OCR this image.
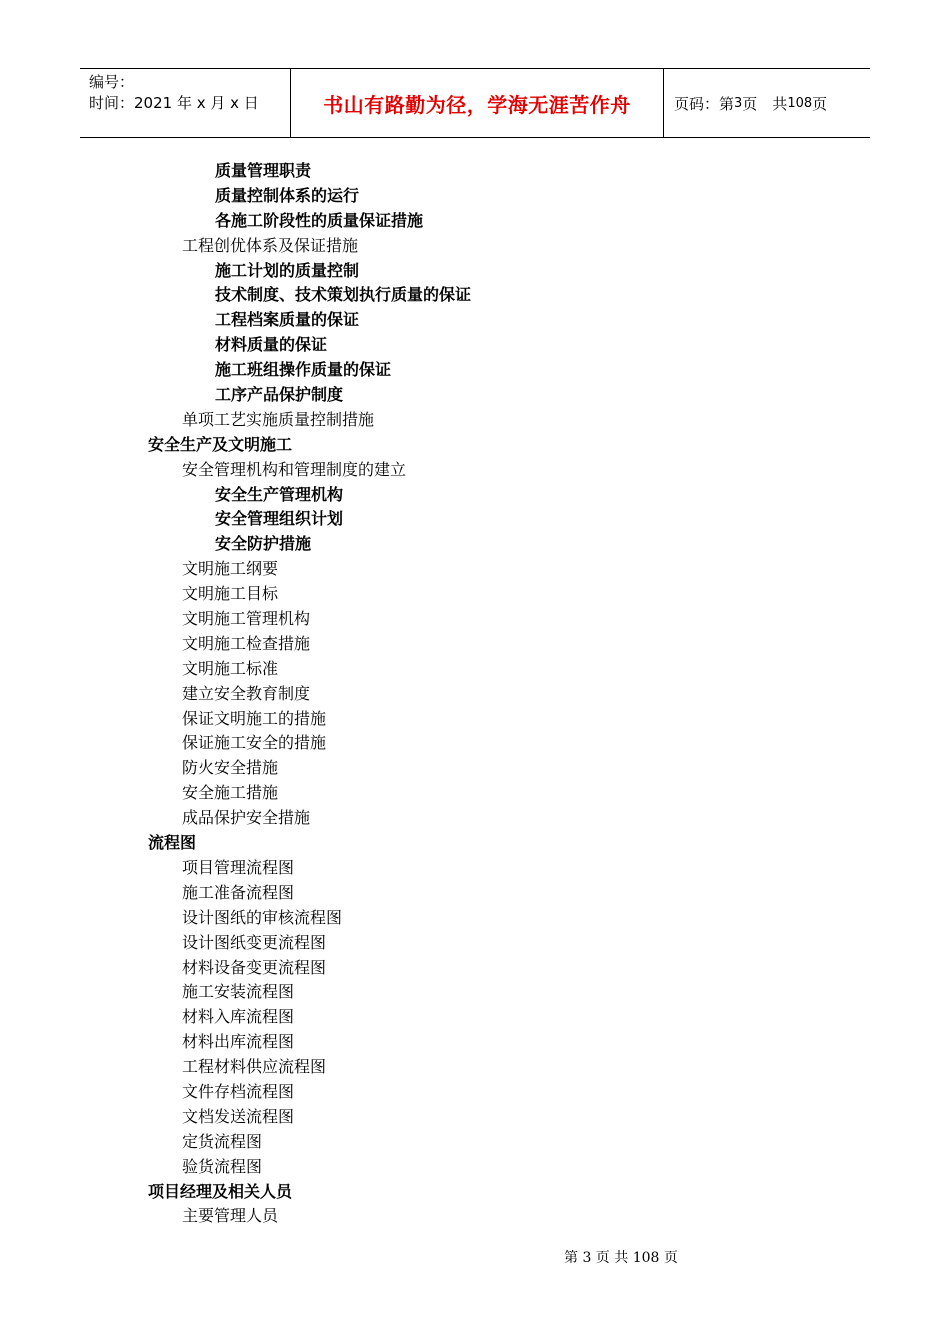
编号：
时间：2021 年 x 月 x 日	书山有路勤为径，学海无涯苦作舟	页码：第 3 页　共 108 页
质量管理职责
质量控制体系的运行
各施工阶段性的质量保证措施
工程创优体系及保证措施
施工计划的质量控制
技术制度、技术策划执行质量的保证
工程档案质量的保证
材料质量的保证
施工班组操作质量的保证
工序产品保护制度
单项工艺实施质量控制措施
安全生产及文明施工
安全管理机构和管理制度的建立
安全生产管理机构
安全管理组织计划
安全防护措施
文明施工纲要
文明施工目标
文明施工管理机构
文明施工检查措施
文明施工标准
建立安全教育制度
保证文明施工的措施
保证施工安全的措施
防火安全措施
安全施工措施
成品保护安全措施
流程图
项目管理流程图
施工准备流程图
设计图纸的审核流程图
设计图纸变更流程图
材料设备变更流程图
施工安装流程图
材料入库流程图
材料出库流程图
工程材料供应流程图
文件存档流程图
文档发送流程图
定货流程图
验货流程图
项目经理及相关人员
主要管理人员
第 3 页 共 108 页
